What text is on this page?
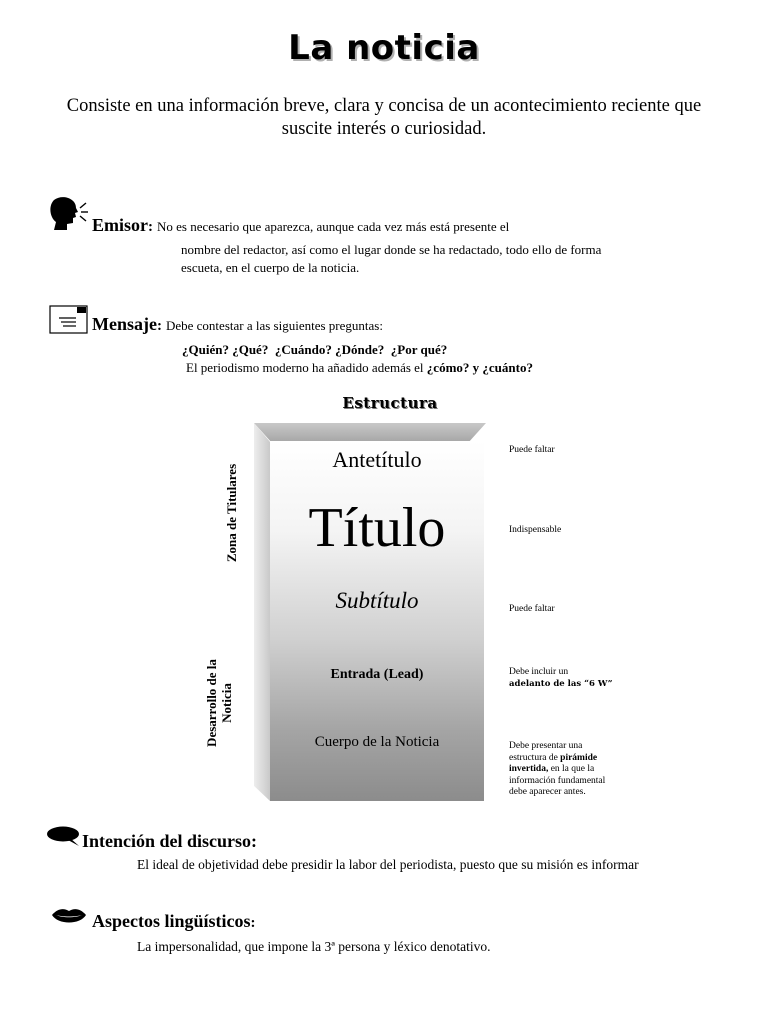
La noticia
Consiste en una información breve, clara y concisa de un acontecimiento reciente que suscite interés o curiosidad.
Emisor: No es necesario que aparezca, aunque cada vez más está presente el
nombre del redactor, así como el lugar donde se ha redactado, todo ello de forma
escueta, en el cuerpo de la noticia.
Mensaje: Debe contestar a las siguientes preguntas:
¿Quién? ¿Qué?  ¿Cuándo? ¿Dónde?  ¿Por qué?
El periodismo moderno ha añadido además el ¿cómo? y ¿cuánto?
Estructura
Zona de Titulares
Desarrollo de la Noticia
Antetítulo
Título
Subtítulo
Entrada (Lead)
Cuerpo de la Noticia
Puede faltar
Indispensable
Puede faltar
Debe incluir un
adelanto de las “6 W”
Debe presentar una estructura de pirámide invertida, en la que la información fundamental debe aparecer antes.
Intención del discurso:
El ideal de objetividad debe presidir la labor del periodista, puesto que su misión es informar
Aspectos lingüísticos:
La impersonalidad, que impone la 3ª persona y léxico denotativo.
